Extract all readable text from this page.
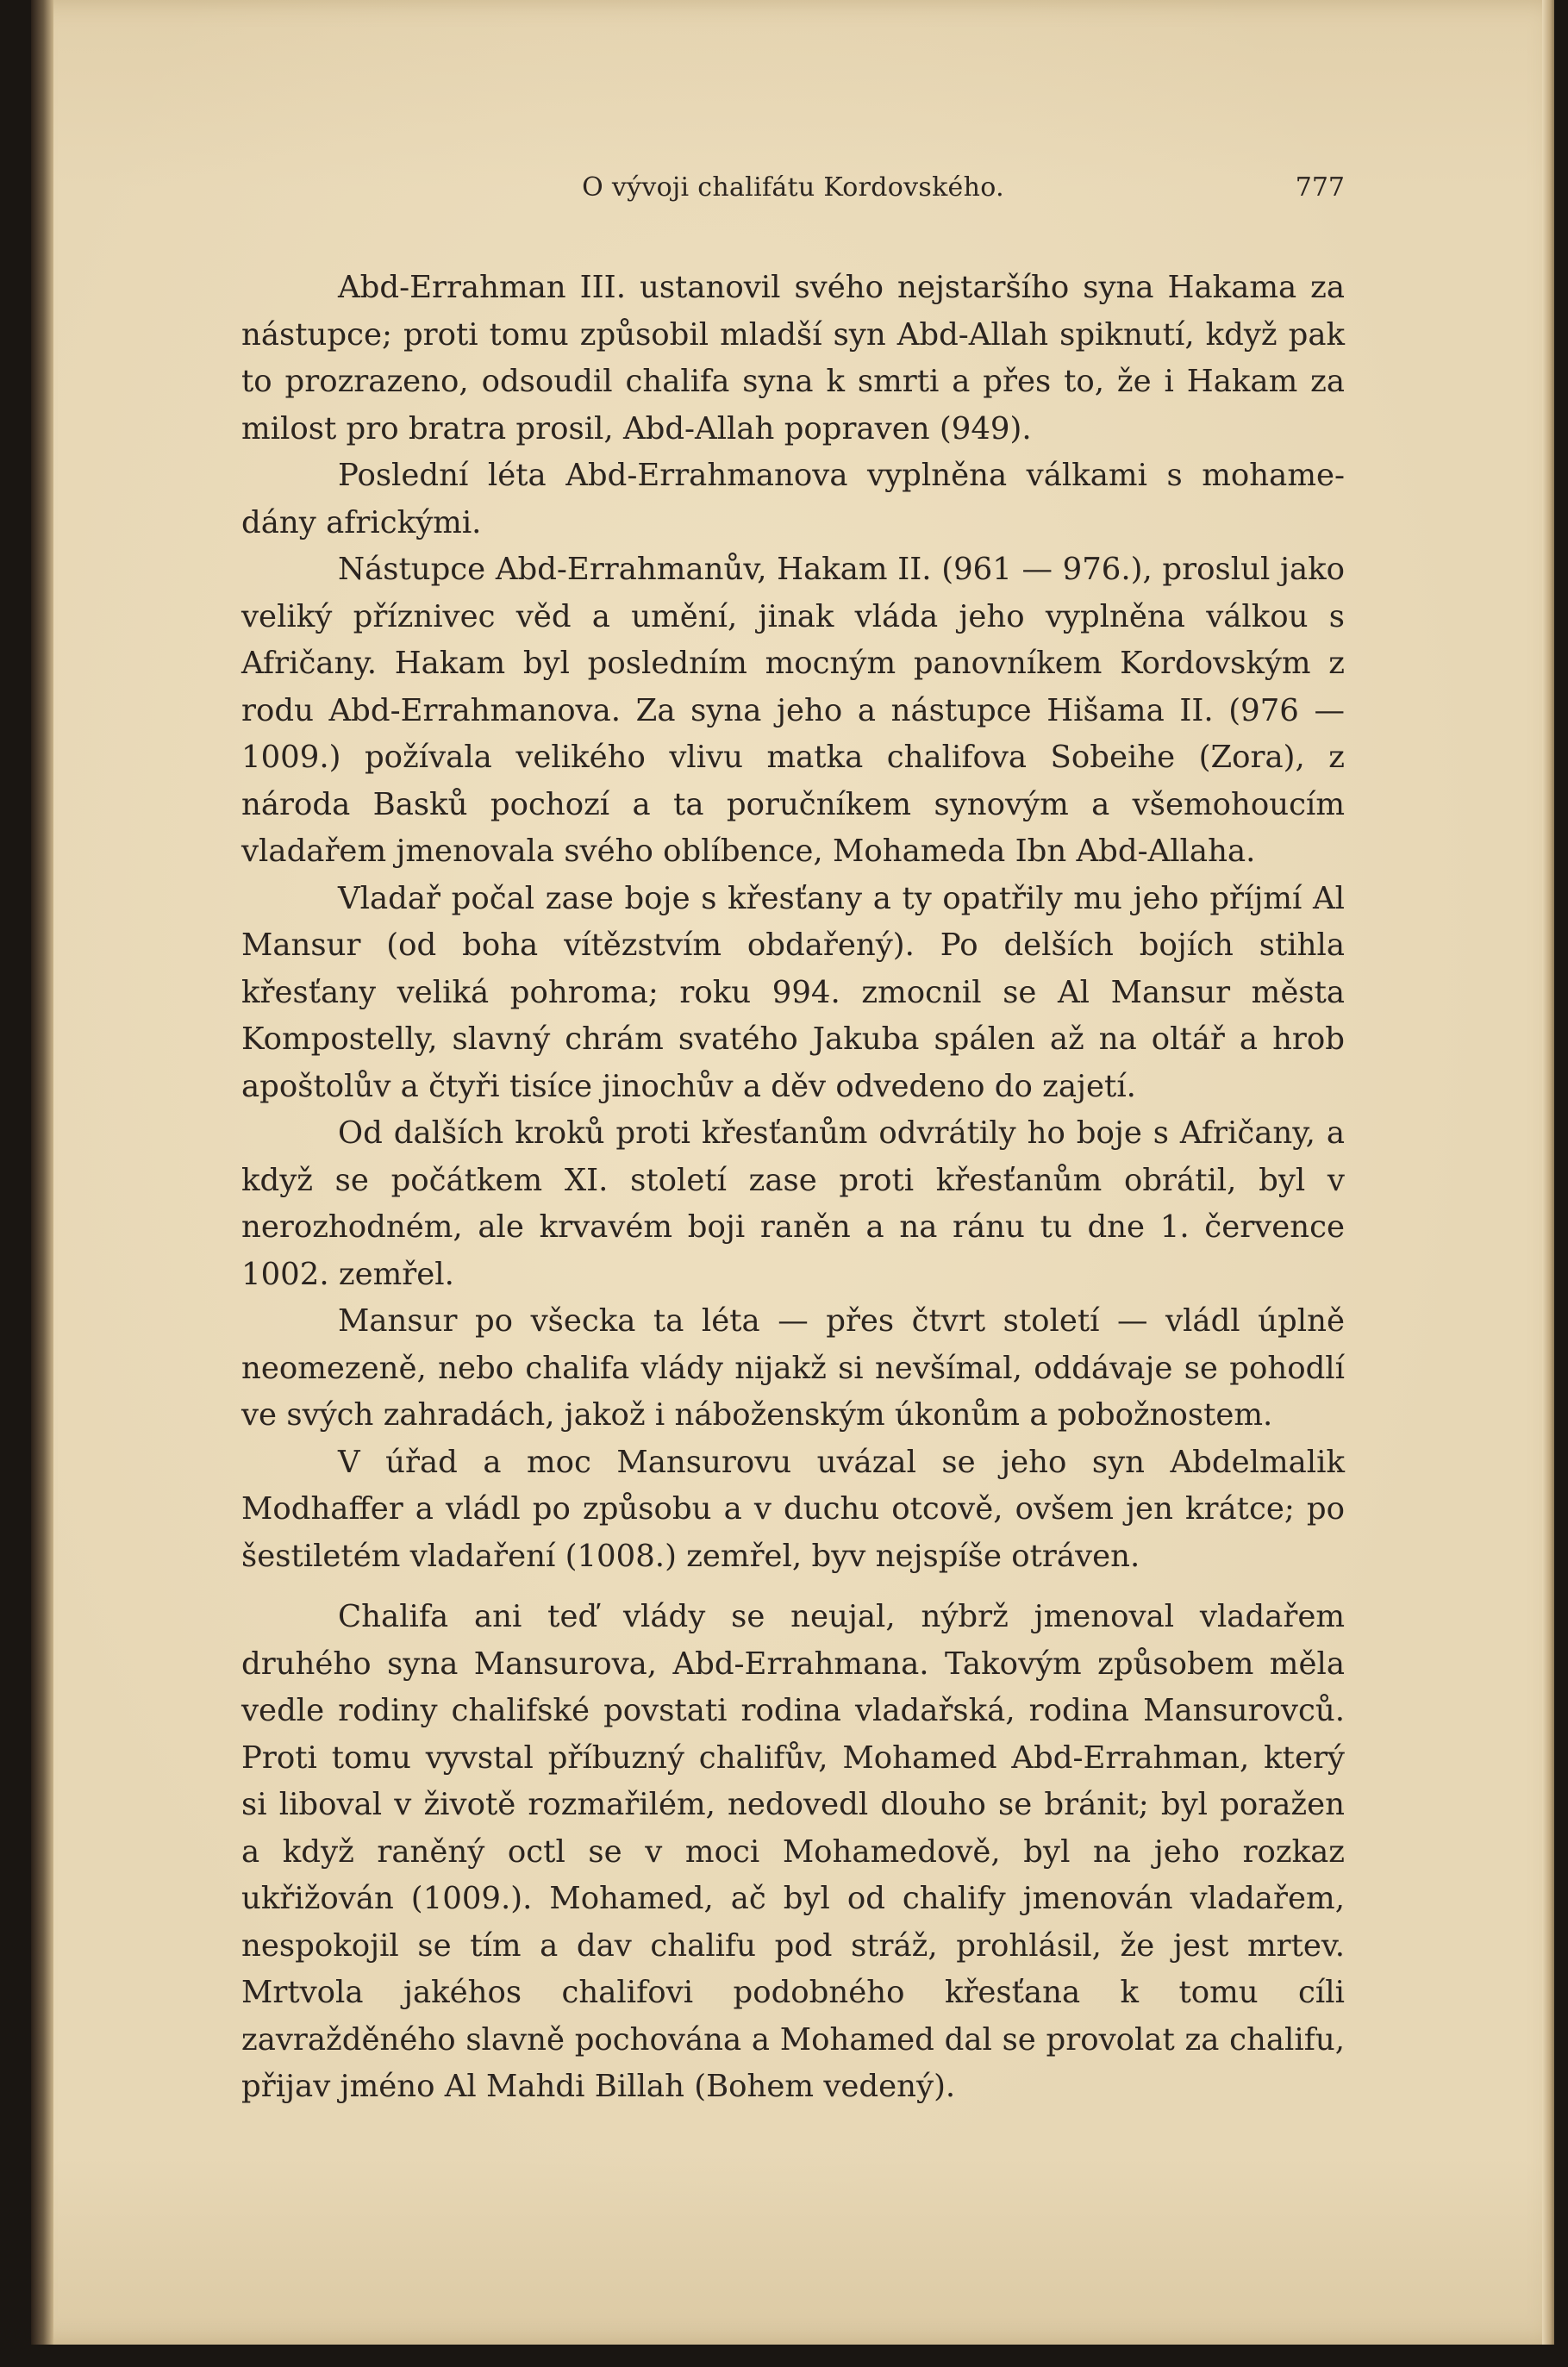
O vývoji chalifátu Kordovského.	777

Abd-Errahman III. ustanovil svého nejstaršího syna Hakama za nástupce; proti tomu způsobil mladší syn Abd-Allah spiknutí, když pak to prozrazeno, odsoudil chalifa syna k smrti a přes to, že i Hakam za milost pro bratra prosil, Abd-Allah popraven (949).

Poslední léta Abd-Errahmanova vyplněna válkami s mohamedány africkými.

Nástupce Abd-Errahmanův, Hakam II. (961 — 976.), proslul jako veliký příznivec věd a umění, jinak vláda jeho vyplněna válkou s Afričany. Hakam byl posledním mocným panovníkem Kordovským z rodu Abd-Errahmanova. Za syna jeho a nástupce Hišama II. (976 — 1009.) požívala velikého vlivu matka chalifova Sobeihe (Zora), z národa Basků pochozí a ta poručníkem synovým a všemohoucím vladařem jmenovala svého oblíbence, Mohameda Ibn Abd-Allaha.

Vladař počal zase boje s křesťany a ty opatřily mu jeho příjmí Al Mansur (od boha vítězstvím obdařený). Po delších bojích stihla křesťany veliká pohroma; roku 994. zmocnil se Al Mansur města Kompostelly, slavný chrám svatého Jakuba spálen až na oltář a hrob apoštolův a čtyři tisíce jinochův a děv odvedeno do zajetí.

Od dalších kroků proti křesťanům odvrátily ho boje s Afričany, a když se počátkem XI. století zase proti křesťanům obrátil, byl v nerozhodném, ale krvavém boji raněn a na ránu tu dne 1. července 1002. zemřel.

Mansur po všecka ta léta — přes čtvrt století — vládl úplně neomezeně, nebo chalifa vlády nijakž si nevšímal, oddávaje se pohodlí ve svých zahradách, jakož i náboženským úkonům a pobožnostem.

V úřad a moc Mansurovu uvázal se jeho syn Abdelmalik Modhaffer a vládl po způsobu a v duchu otcově, ovšem jen krátce; po šestiletém vladaření (1008.) zemřel, byv nejspíše otráven.

Chalifa ani teď vlády se neujal, nýbrž jmenoval vladařem druhého syna Mansurova, Abd-Errahmana. Takovým způsobem měla vedle rodiny chalifské povstati rodina vladařská, rodina Mansurovců. Proti tomu vyvstal příbuzný chalifův, Mohamed Abd-Errahman, který si liboval v životě rozmařilém, nedovedl dlouho se bránit; byl poražen a když raněný octl se v moci Mohamedově, byl na jeho rozkaz ukřižován (1009.). Mohamed, ač byl od chalify jmenován vladařem, nespokojil se tím a dav chalifu pod stráž, prohlásil, že jest mrtev. Mrtvola jakéhos chalifovi podobného křesťana k tomu cíli zavražděného slavně pochována a Mohamed dal se provolat za chalifu, přijav jméno Al Mahdi Billah (Bohem vedený).
